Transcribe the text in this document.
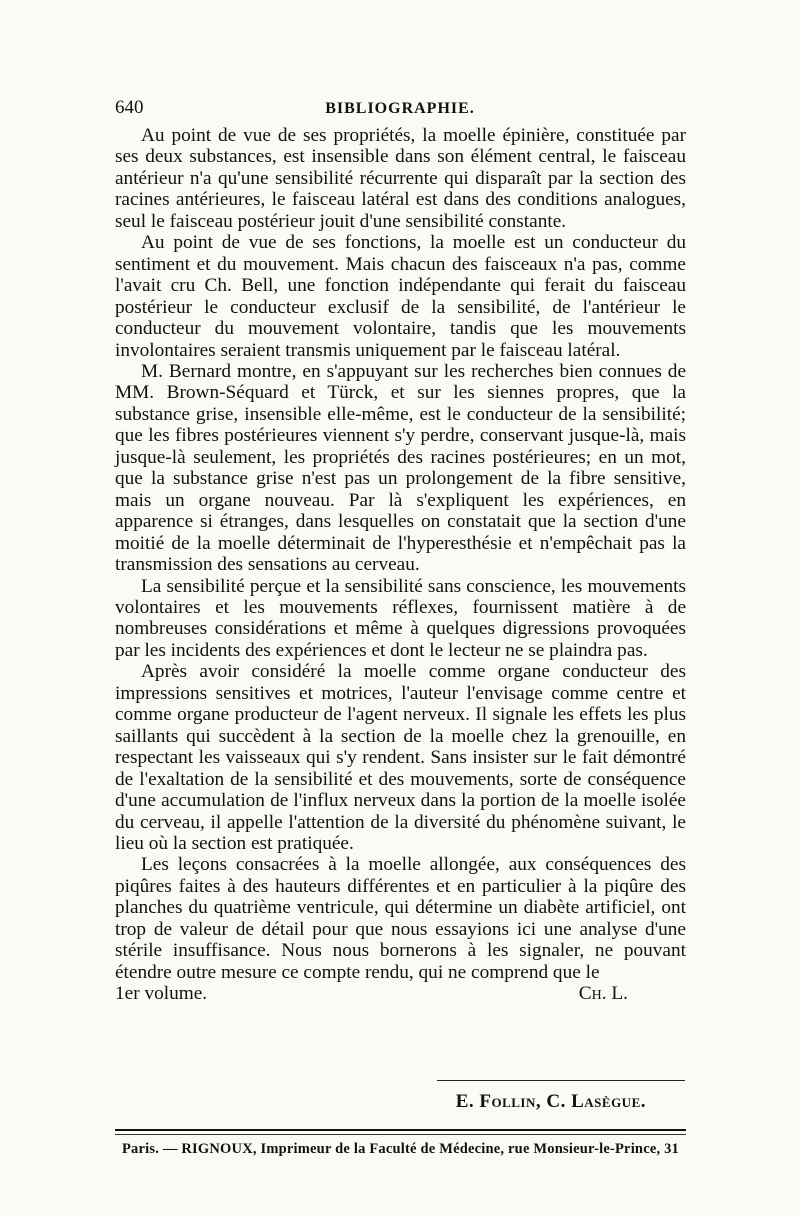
640	BIBLIOGRAPHIE.

Au point de vue de ses propriétés, la moelle épinière, constituée par ses deux substances, est insensible dans son élément central, le faisceau antérieur n'a qu'une sensibilité récurrente qui disparaît par la section des racines antérieures, le faisceau latéral est dans des conditions analogues, seul le faisceau postérieur jouit d'une sensibilité constante.

Au point de vue de ses fonctions, la moelle est un conducteur du sentiment et du mouvement. Mais chacun des faisceaux n'a pas, comme l'avait cru Ch. Bell, une fonction indépendante qui ferait du faisceau postérieur le conducteur exclusif de la sensibilité, de l'antérieur le conducteur du mouvement volontaire, tandis que les mouvements involontaires seraient transmis uniquement par le faisceau latéral.

M. Bernard montre, en s'appuyant sur les recherches bien connues de MM. Brown-Séquard et Türck, et sur les siennes propres, que la substance grise, insensible elle-même, est le conducteur de la sensibilité; que les fibres postérieures viennent s'y perdre, conservant jusque-là, mais jusque-là seulement, les propriétés des racines postérieures; en un mot, que la substance grise n'est pas un prolongement de la fibre sensitive, mais un organe nouveau. Par là s'expliquent les expériences, en apparence si étranges, dans lesquelles on constatait que la section d'une moitié de la moelle déterminait de l'hyperesthésie et n'empêchait pas la transmission des sensations au cerveau.

La sensibilité perçue et la sensibilité sans conscience, les mouvements volontaires et les mouvements réflexes, fournissent matière à de nombreuses considérations et même à quelques digressions provoquées par les incidents des expériences et dont le lecteur ne se plaindra pas.

Après avoir considéré la moelle comme organe conducteur des impressions sensitives et motrices, l'auteur l'envisage comme centre et comme organe producteur de l'agent nerveux. Il signale les effets les plus saillants qui succèdent à la section de la moelle chez la grenouille, en respectant les vaisseaux qui s'y rendent. Sans insister sur le fait démontré de l'exaltation de la sensibilité et des mouvements, sorte de conséquence d'une accumulation de l'influx nerveux dans la portion de la moelle isolée du cerveau, il appelle l'attention de la diversité du phénomène suivant, le lieu où la section est pratiquée.

Les leçons consacrées à la moelle allongée, aux conséquences des piqûres faites à des hauteurs différentes et en particulier à la piqûre des planches du quatrième ventricule, qui détermine un diabète artificiel, ont trop de valeur de détail pour que nous essayions ici une analyse d'une stérile insuffisance. Nous nous bornerons à les signaler, ne pouvant étendre outre mesure ce compte rendu, qui ne comprend que le

1er volume.	Ch. L.
E. Follin, C. Lasègue.
Paris. — RIGNOUX, Imprimeur de la Faculté de Médecine, rue Monsieur-le-Prince, 31
